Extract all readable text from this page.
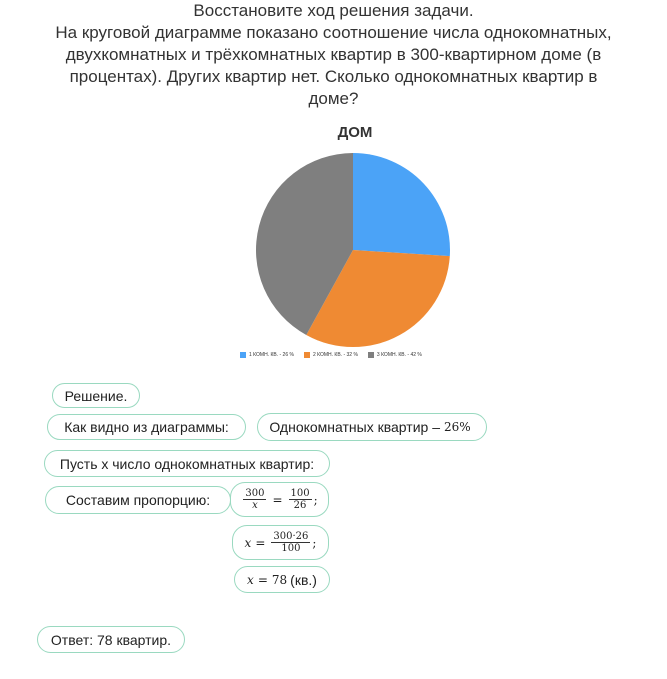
Восстановите ход решения задачи.

На круговой диаграмме показано соотношение числа однокомнатных,

двухкомнатных и трёхкомнатных квартир в 300-квартирном доме (в

процентах). Других квартир нет. Сколько однокомнатных квартир в

доме?

ДОМ
1 КОМН. КВ. - 26 %	2 КОМН. КВ. - 32 %	3 КОМН. КВ. - 42 %
Решение.
Как видно из диаграммы:	Однокомнатных квартир – 26%
Пусть x число однокомнатных квартир:
Составим пропорцию:	$\frac{300}{x} = \frac{100}{26}$ ;
$x = \frac{300\cdot 26}{100}$ ;
x = 78 (кв.)
Ответ: 78 квартир.
